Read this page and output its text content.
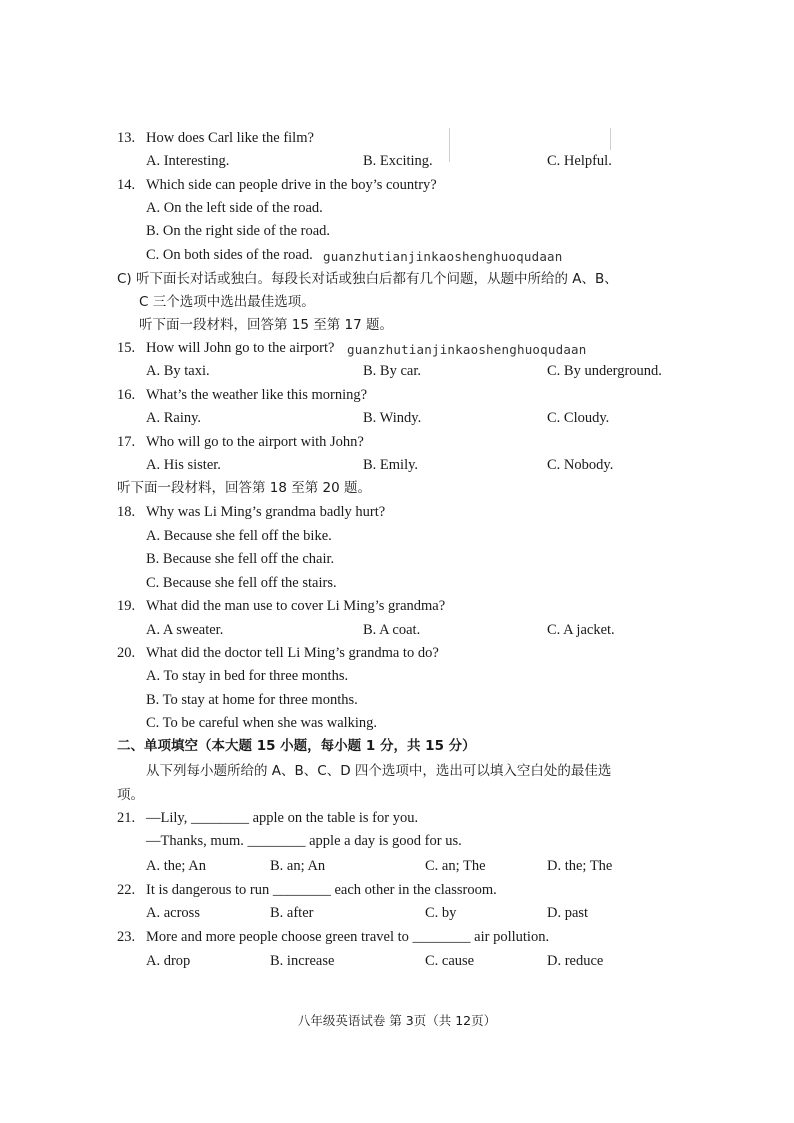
13. How does Carl like the film?
A. Interesting.	B. Exciting.	C. Helpful.
14. Which side can people drive in the boy’s country?
A. On the left side of the road.
B. On the right side of the road.
C. On both sides of the road. guanzhutianjinkaoshenghuoqudaan
C) 听下面长对话或独白。每段长对话或独白后都有几个问题，从题中所给的 A、B、
C 三个选项中选出最佳选项。
听下面一段材料，回答第 15 至第 17 题。
15. How will John go to the airport? guanzhutianjinkaoshenghuoqudaan
A. By taxi.	B. By car.	C. By underground.
16. What’s the weather like this morning?
A. Rainy.	B. Windy.	C. Cloudy.
17. Who will go to the airport with John?
A. His sister.	B. Emily.	C. Nobody.
听下面一段材料，回答第 18 至第 20 题。
18. Why was Li Ming’s grandma badly hurt?
A. Because she fell off the bike.
B. Because she fell off the chair.
C. Because she fell off the stairs.
19. What did the man use to cover Li Ming’s grandma?
A. A sweater.	B. A coat.	C. A jacket.
20. What did the doctor tell Li Ming’s grandma to do?
A. To stay in bed for three months.
B. To stay at home for three months.
C. To be careful when she was walking.
二、单项填空（本大题 15 小题，每小题 1 分，共 15 分）
从下列每小题所给的 A、B、C、D 四个选项中，选出可以填入空白处的最佳选
项。
21. —Lily, ________ apple on the table is for you.
—Thanks, mum. ________ apple a day is good for us.
A. the; An	B. an; An	C. an; The	D. the; The
22. It is dangerous to run ________ each other in the classroom.
A. across	B. after	C. by	D. past
23. More and more people choose green travel to ________ air pollution.
A. drop	B. increase	C. cause	D. reduce
八年级英语试卷 第 3页（共 12页）
